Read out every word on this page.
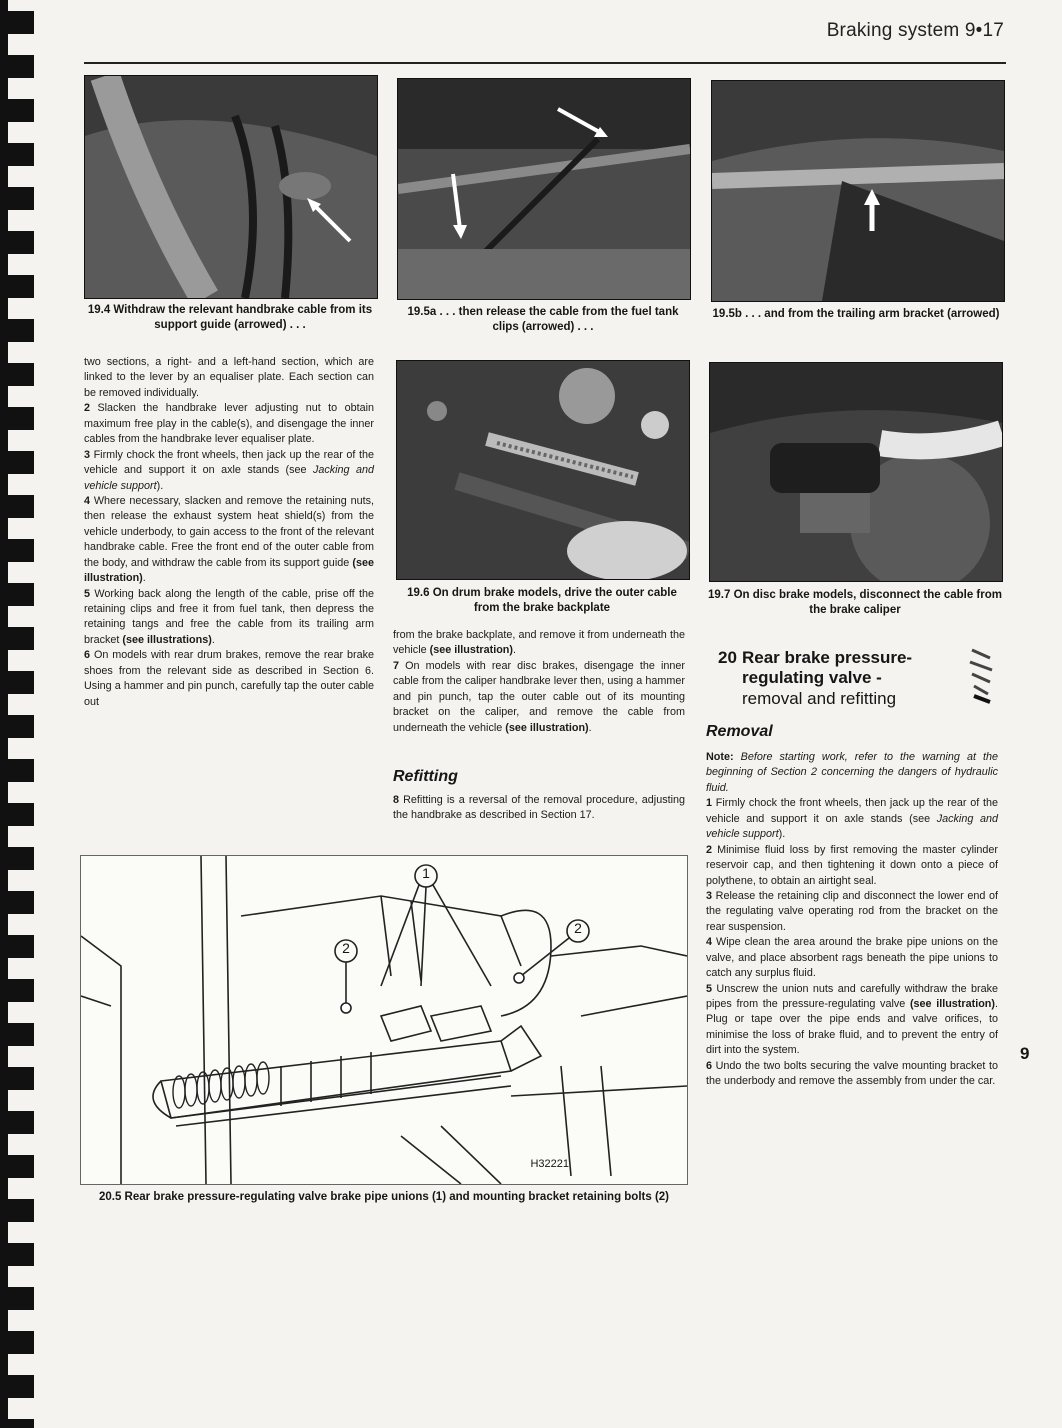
Braking system 9•17
19.4 Withdraw the relevant handbrake cable from its support guide (arrowed) . . .
19.5a . . . then release the cable from the fuel tank clips (arrowed) . . .
19.5b . . . and from the trailing arm bracket (arrowed)
19.6 On drum brake models, drive the outer cable from the brake backplate
19.7 On disc brake models, disconnect the cable from the brake caliper

two sections, a right- and a left-hand section, which are linked to the lever by an equaliser plate. Each section can be removed individually.

2 Slacken the handbrake lever adjusting nut to obtain maximum free play in the cable(s), and disengage the inner cables from the handbrake lever equaliser plate.

3 Firmly chock the front wheels, then jack up the rear of the vehicle and support it on axle stands (see Jacking and vehicle support).

4 Where necessary, slacken and remove the retaining nuts, then release the exhaust system heat shield(s) from the vehicle underbody, to gain access to the front of the relevant handbrake cable. Free the front end of the outer cable from the body, and withdraw the cable from its support guide (see illustration).

5 Working back along the length of the cable, prise off the retaining clips and free it from fuel tank, then depress the retaining tangs and free the cable from its trailing arm bracket (see illustrations).

6 On models with rear drum brakes, remove the rear brake shoes from the relevant side as described in Section 6. Using a hammer and pin punch, carefully tap the outer cable out

from the brake backplate, and remove it from underneath the vehicle (see illustration).

7 On models with rear disc brakes, disengage the inner cable from the caliper handbrake lever then, using a hammer and pin punch, tap the outer cable out of its mounting bracket on the caliper, and remove the cable from underneath the vehicle (see illustration).

Refitting

8 Refitting is a reversal of the removal procedure, adjusting the handbrake as described in Section 17.

20 Rear brake pressure-
regulating valve -
removal and refitting
Removal

Note: Before starting work, refer to the warning at the beginning of Section 2 concerning the dangers of hydraulic fluid.

1 Firmly chock the front wheels, then jack up the rear of the vehicle and support it on axle stands (see Jacking and vehicle support).

2 Minimise fluid loss by first removing the master cylinder reservoir cap, and then tightening it down onto a piece of polythene, to obtain an airtight seal.

3 Release the retaining clip and disconnect the lower end of the regulating valve operating rod from the bracket on the rear suspension.

4 Wipe clean the area around the brake pipe unions on the valve, and place absorbent rags beneath the pipe unions to catch any surplus fluid.

5 Unscrew the union nuts and carefully withdraw the brake pipes from the pressure-regulating valve (see illustration). Plug or tape over the pipe ends and valve orifices, to minimise the loss of brake fluid, and to prevent the entry of dirt into the system.

6 Undo the two bolts securing the valve mounting bracket to the underbody and remove the assembly from under the car.

9
2
1
2
H32221
20.5 Rear brake pressure-regulating valve brake pipe unions (1) and mounting bracket retaining bolts (2)
